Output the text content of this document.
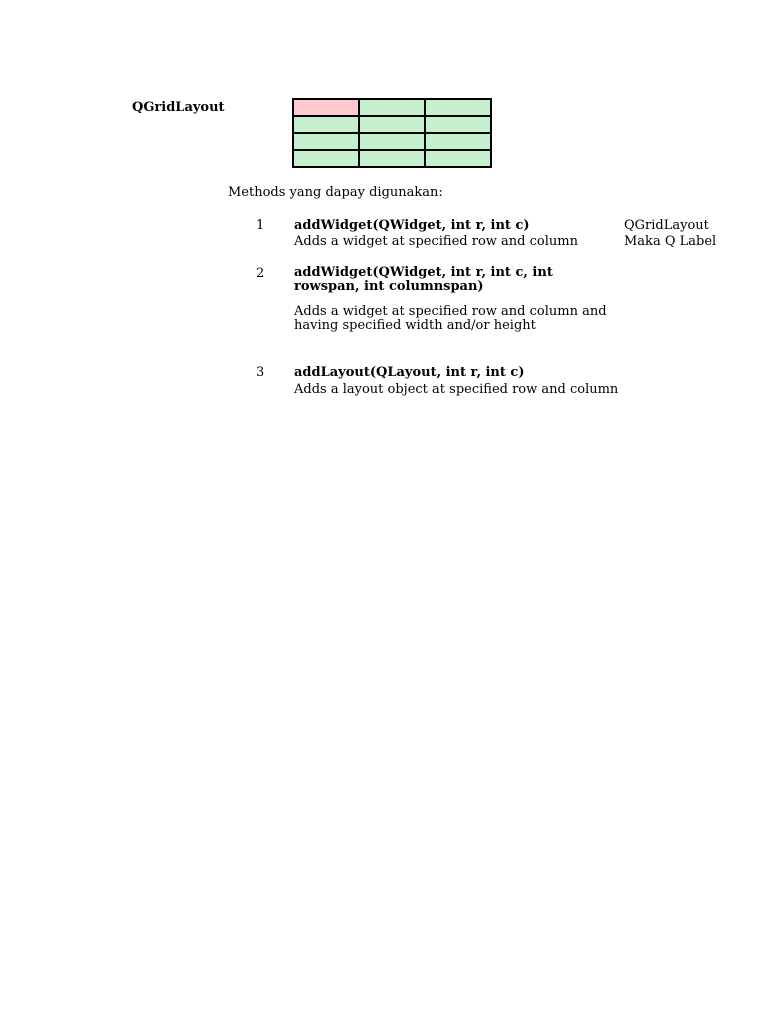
QGridLayout

Methods yang dapay digunakan:
1 addWidget(QWidget, int r, int c)
Adds a widget at specified row and column
QGridLayout
Maka Q Label
2 addWidget(QWidget, int r, int c, int rowspan, int columnspan)
Adds a widget at specified row and column and having specified width and/or height
3 addLayout(QLayout, int r, int c)
Adds a layout object at specified row and column
